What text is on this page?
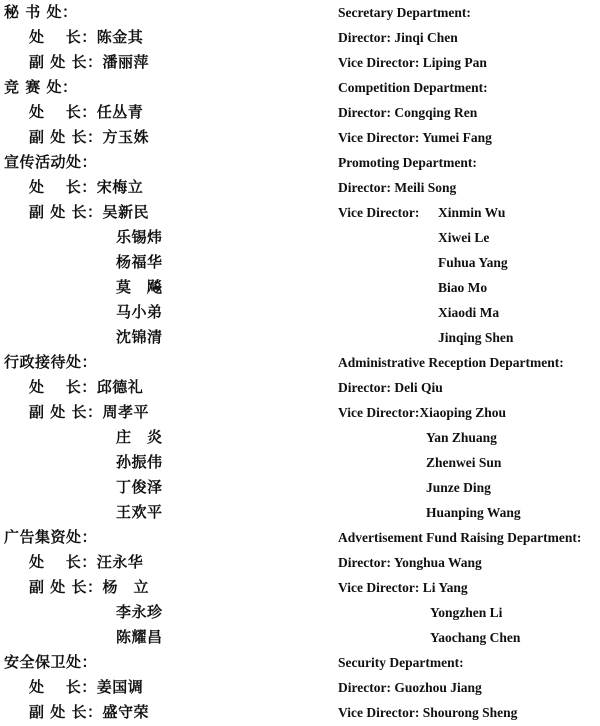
秘 书 处：	Secretary Department:
处　 长：陈金其	Director: Jinqi Chen
副 处 长：潘丽萍	Vice Director: Liping Pan
竞 赛 处：	Competition Department:
处　 长：任丛青	Director: Congqing Ren
副 处 长：方玉姝	Vice Director: Yumei Fang
宣传活动处：	Promoting Department:
处　 长：宋梅立	Director: Meili Song
副 处 长：吴新民	Vice Director: Xinmin Wu
乐锡炜	Xiwei Le
杨福华	Fuhua Yang
莫　飚	Biao Mo
马小弟	Xiaodi Ma
沈锦清	Jinqing Shen
行政接待处：	Administrative Reception Department:
处　 长：邱德礼	Director: Deli Qiu
副 处 长：周孝平	Vice Director:Xiaoping Zhou
庄　炎	Yan Zhuang
孙振伟	Zhenwei Sun
丁俊泽	Junze Ding
王欢平	Huanping Wang
广告集资处：	Advertisement Fund Raising Department:
处　 长：汪永华	Director: Yonghua Wang
副 处 长：杨　立	Vice Director: Li Yang
李永珍	Yongzhen Li
陈耀昌	Yaochang Chen
安全保卫处：	Security Department:
处　 长：姜国调	Director: Guozhou Jiang
副 处 长：盛守荣	Vice Director: Shourong Sheng
